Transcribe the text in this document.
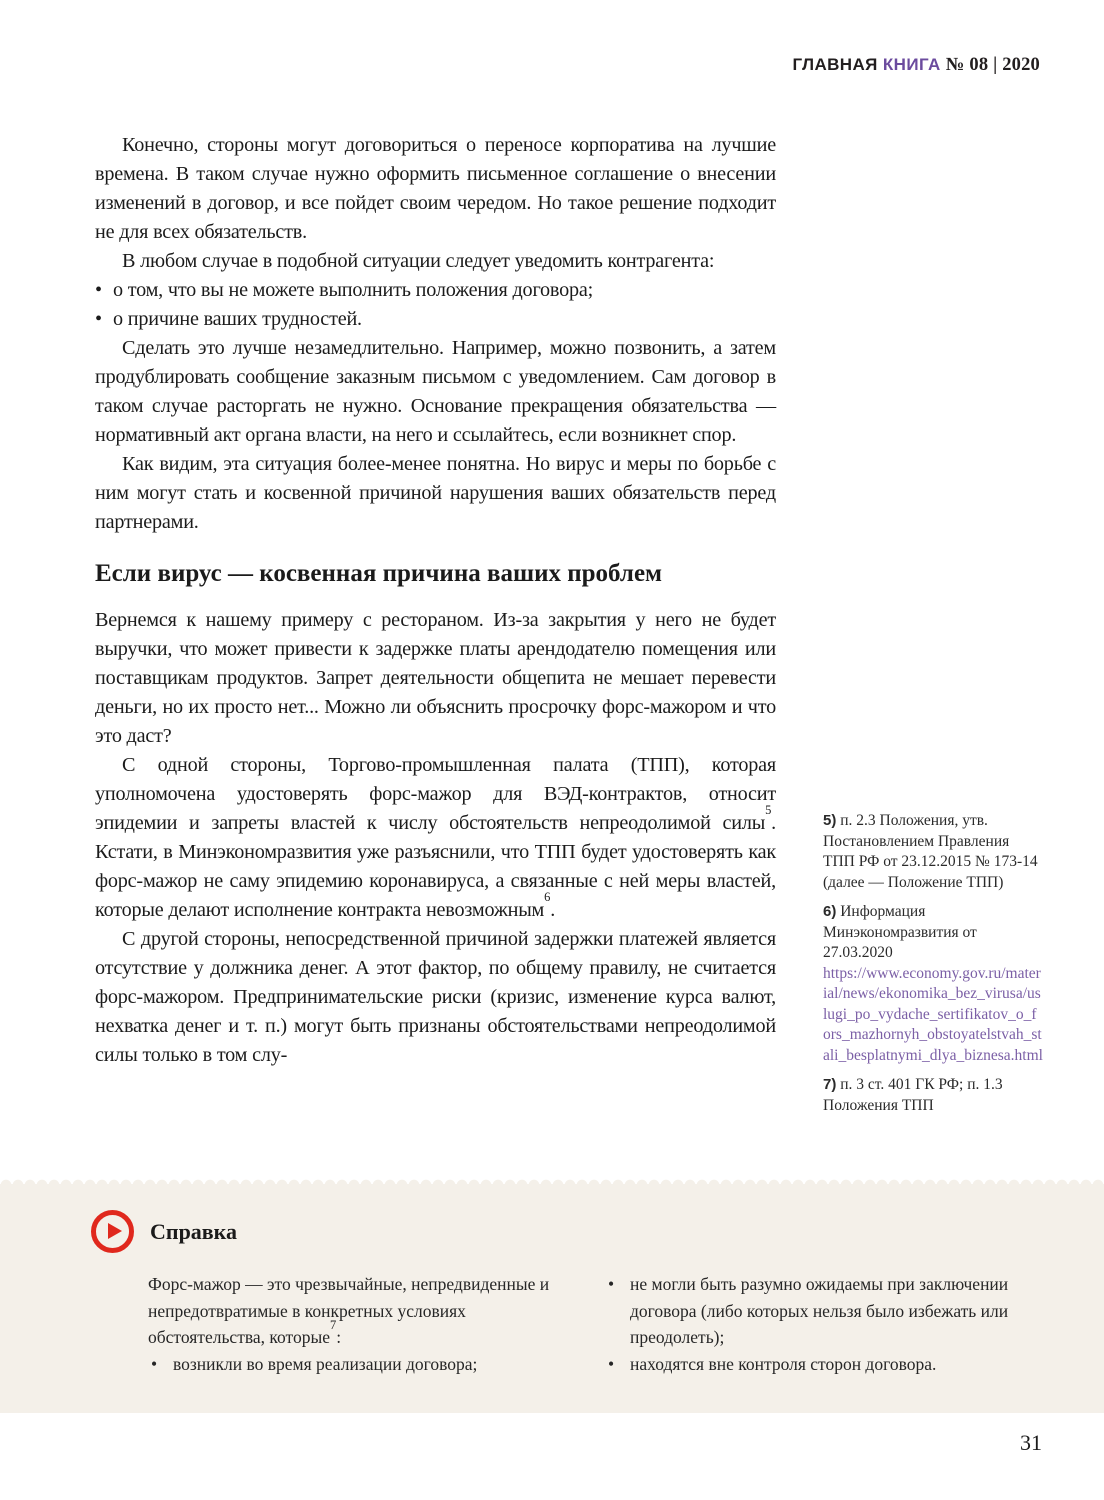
ГЛАВНАЯ КНИГА № 08 | 2020

Конечно, стороны могут договориться о переносе корпоратива на лучшие времена. В таком случае нужно оформить письменное соглашение о внесении изменений в договор, и все пойдет своим чередом. Но такое решение подходит не для всех обязательств.

В любом случае в подобной ситуации следует уведомить контрагента:

• о том, что вы не можете выполнить положения договора;
• о причине ваших трудностей.

Сделать это лучше незамедлительно. Например, можно позвонить, а затем продублировать сообщение заказным письмом с уведомлением. Сам договор в таком случае расторгать не нужно. Основание прекращения обязательства — нормативный акт органа власти, на него и ссылайтесь, если возникнет спор.

Как видим, эта ситуация более-менее понятна. Но вирус и меры по борьбе с ним могут стать и косвенной причиной нарушения ваших обязательств перед партнерами.

Если вирус — косвенная причина ваших проблем

Вернемся к нашему примеру с рестораном. Из-за закрытия у него не будет выручки, что может привести к задержке платы арендодателю помещения или поставщикам продуктов. Запрет деятельности общепита не мешает перевести деньги, но их просто нет... Можно ли объяснить просрочку форс-мажором и что это даст?

С одной стороны, Торгово-промышленная палата (ТПП), которая уполномочена удостоверять форс-мажор для ВЭД-контрактов, относит эпидемии и запреты властей к числу обстоятельств непреодолимой силы$^5$. Кстати, в Минэкономразвития уже разъяснили, что ТПП будет удостоверять как форс-мажор не саму эпидемию коронавируса, а связанные с ней меры властей, которые делают исполнение контракта невозможным$^6$.

С другой стороны, непосредственной причиной задержки платежей является отсутствие у должника денег. А этот фактор, по общему правилу, не считается форс-мажором. Предпринимательские риски (кризис, изменение курса валют, нехватка денег и т. п.) могут быть признаны обстоятельствами непреодолимой силы только в том слу-

5) п. 2.3 Положения, утв. Постановлением Правления ТПП РФ от 23.12.2015 № 173-14 (далее — Положение ТПП)

6) Информация Минэкономразвития от 27.03.2020
https://www.economy.gov.ru/material/news/ekonomika_bez_virusa/uslugi_po_vydache_sertifikatov_o_fors_mazhornyh_obstoyatelstvah_stali_besplatnymi_dlya_biznesa.html

7) п. 3 ст. 401 ГК РФ; п. 1.3 Положения ТПП

Справка

Форс-мажор — это чрезвычайные, непредвиденные и непредотвратимые в конкретных условиях обстоятельства, которые$^7$:

• возникли во время реализации договора;
• не могли быть разумно ожидаемы при заключении договора (либо которых нельзя было избежать или преодолеть);
• находятся вне контроля сторон договора.
31
